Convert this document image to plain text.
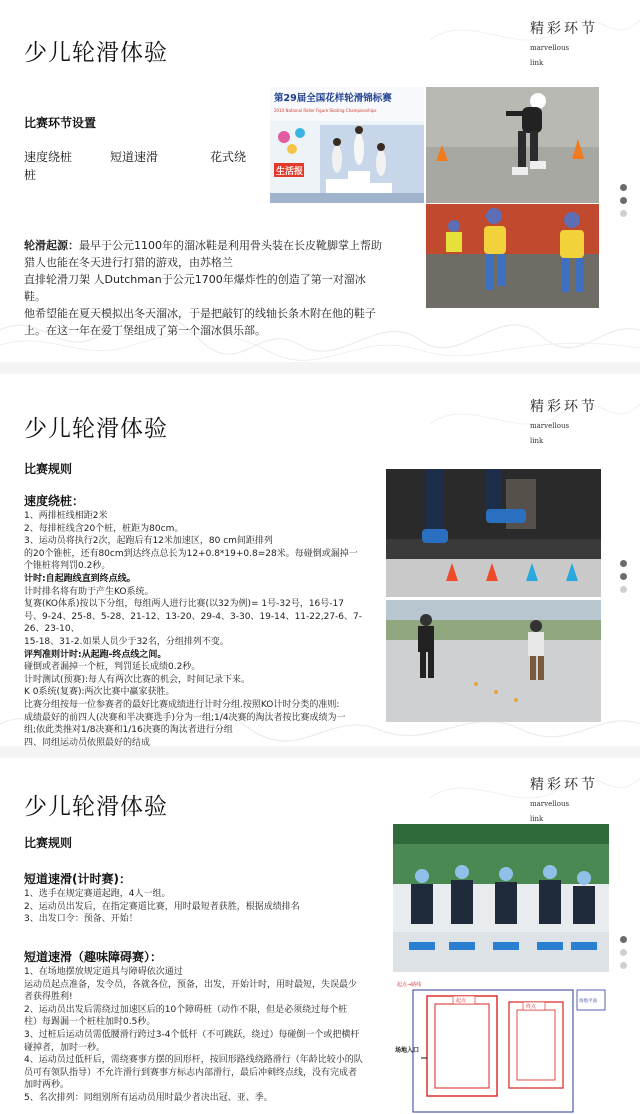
少儿轮滑体验
精彩环节
marvellous
link
比赛环节设置
速度绕桩	短道速滑	花式绕
桩
轮滑起源：最早于公元1100年的溜冰鞋是利用骨头装在长皮靴脚掌上帮助
猎人也能在冬天进行打猎的游戏，由苏格兰
直排轮滑刀架 人Dutchman于公元1700年爆炸性的创造了第一对溜冰鞋。
他希望能在夏天模拟出冬天溜冰，于是把敲钉的线轴长条木附在他的鞋子
上。在这一年在爱丁堡组成了第一个溜冰俱乐部。
第29届全国花样轮滑锦标赛
2014 National Roller Figure Skating Championships
生活报
少儿轮滑体验
精彩环节
marvellous
link
比赛规则
速度绕桩：
1、两排桩线相距2米
2、每排桩线含20个桩，桩距为80cm。
3、运动员将执行2次，起跑后有12米加速区，80 cm间距排列
的20个锥桩，还有80cm到达终点总长为12+0.8*19+0.8=28米。每碰倒或漏掉一
个锥桩将判罚0.2秒。
计时:自起跑线直到终点线。
计时排名将有助于产生KO系统。
复赛(KO体系)按以下分组，每组两人进行比赛(以32为例)= 1号-32号，16号-17
号、9-24、25-8、5-28、21-12、13-20、29-4、3-30、19-14、11-22,27-6、7-26、23-10、
15-18、31-2.如果人员少于32名，分组排列不变。
评判准则计时:从起跑-终点线之间。
碰倒或者漏掉一个桩，判罚延长成绩0.2秒。
计时测试(预赛):每人有两次比赛的机会，时间记录下来。
K 0系统(复赛):两次比赛中赢家获胜。
比赛分组按每一位参赛者的最好比赛成绩进行计时分组.按照KO计时分类的准则:
成绩最好的前四人(决赛和半决赛选手)分为一组;1/4决赛的淘汰者按比赛成绩为一
组;依此类推对1/8决赛和1/16决赛的淘汰者进行分组
四、同组运动员依照最好的结成
少儿轮滑体验
精彩环节
marvellous
link
比赛规则
短道速滑(计时赛)：
1、选手在规定赛道起跑，4人一组。
2、运动员出发后，在指定赛道比赛，用时最短者获胜，根据成绩排名
3、出发口令：预备、开始！
短道速滑（趣味障碍赛）：
1、在场地摆放规定道具与障碍依次通过
运动员起点准备，发令员，各就各位，预备，出发，开始计时，用时最短，失误最少
者获得胜利!
2、运动员出发后需绕过加速区后的10个障碍桩（动作不限，但是必须绕过每个桩
柱）每踢漏一个桩柱加时0.5秒。
3、过桩后运动员需低腰滑行跨过3-4个低杆（不可跳跃，绕过）每碰倒一个或把横杆
碰掉者，加时一秒。
4、运动员过低杆后，需绕赛事方摆的回形杆，按回形路线绕路滑行（年龄比较小的队
员可有领队指导）不允许滑行到赛事方标志内部滑行，最后冲刺终点线，没有完成者
加时两秒。
5、名次排列：同组别所有运动员用时最少者决出冠、亚、季。
起点→路线
起点
终点
场地入口
场地平面
